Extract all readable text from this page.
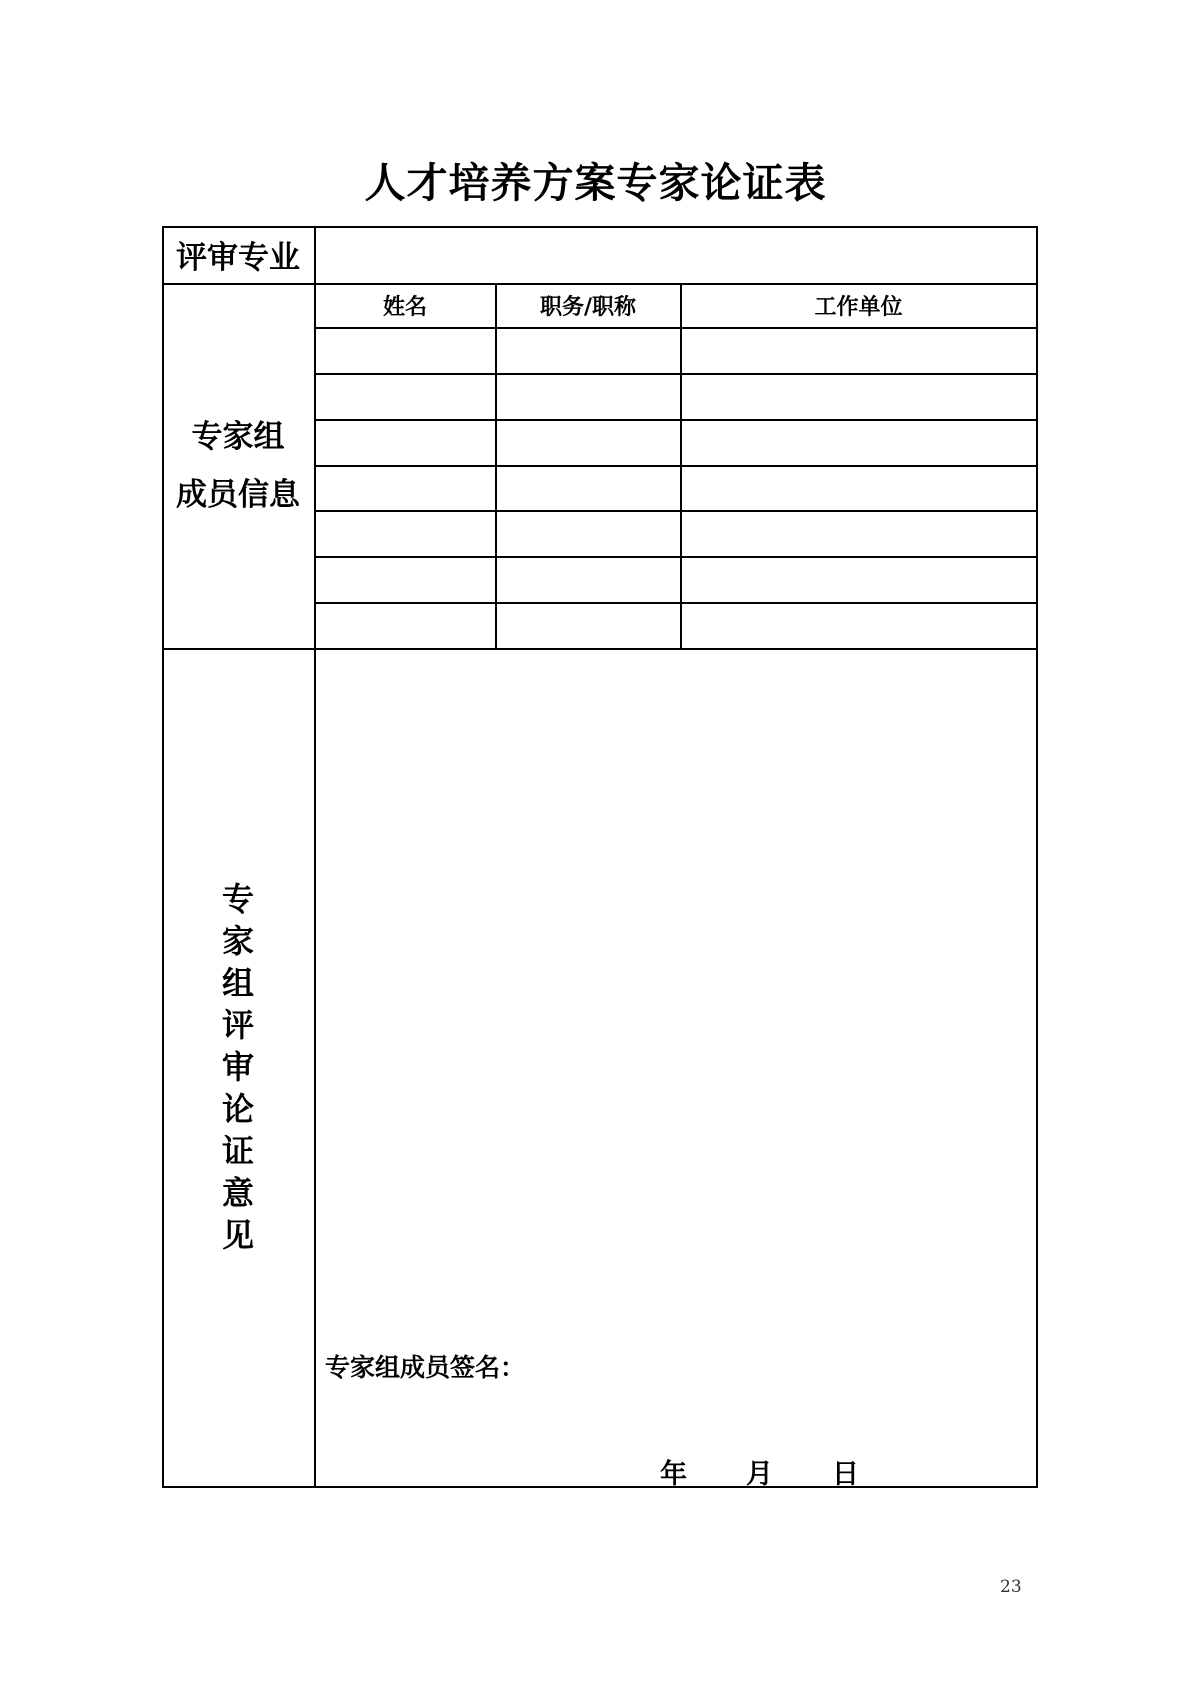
人才培养方案专家论证表
评审专业
专家组
成员信息
姓名	职务/职称	工作单位
专
家
组
评
审
论
证
意
见
专家组成员签名：
年 月 日
23
